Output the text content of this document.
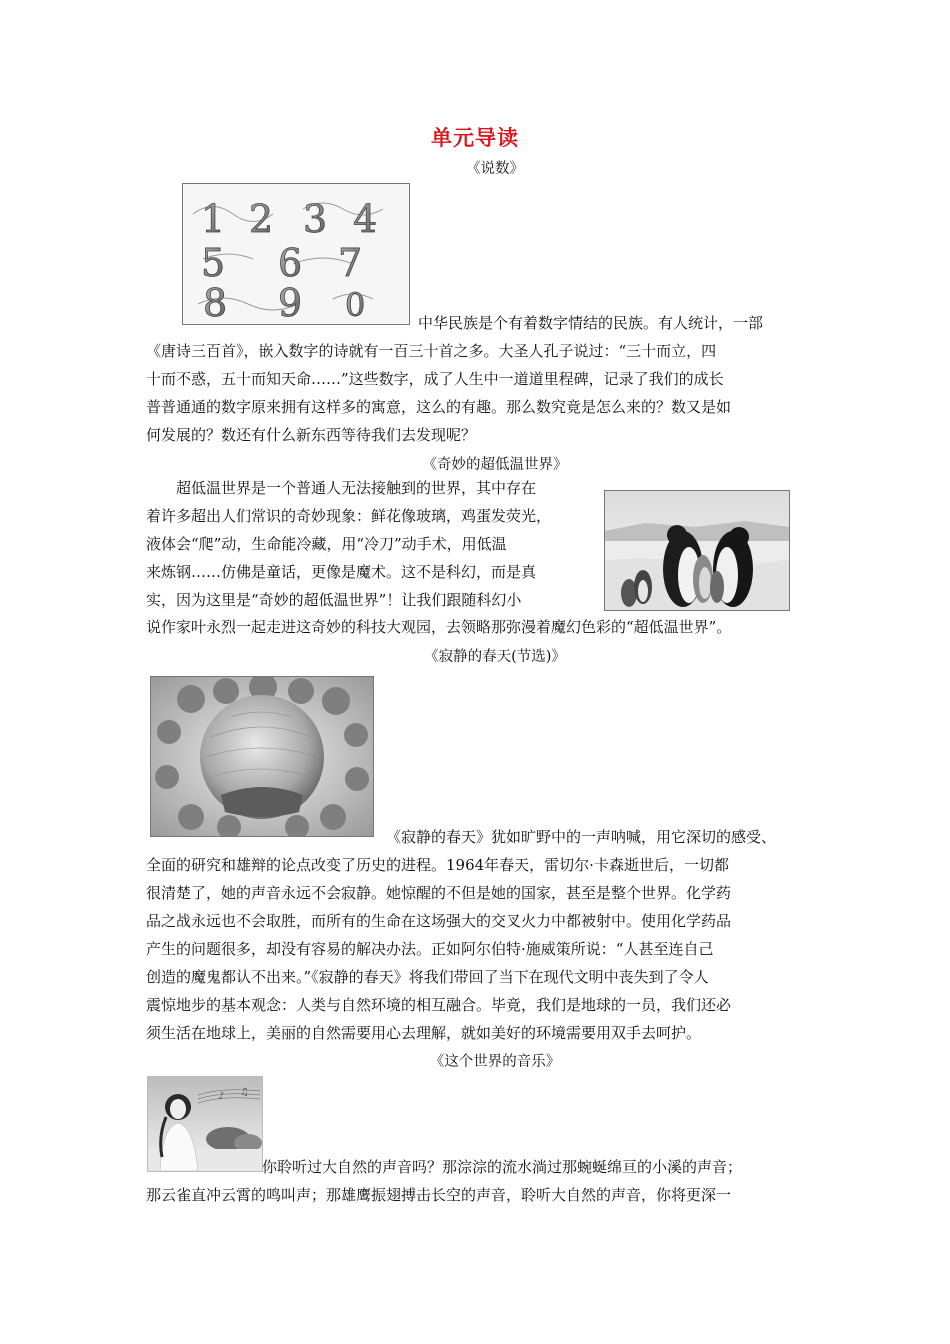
单元导读
《说数》
1 2 3 4
5 6 7
8 9 0	中华民族是个有着数字情结的民族。有人统计，一部
《唐诗三百首》，嵌入数字的诗就有一百三十首之多。大圣人孔子说过：“三十而立，四
十而不惑，五十而知天命……”这些数字，成了人生中一道道里程碑，记录了我们的成长
普普通通的数字原来拥有这样多的寓意，这么的有趣。那么数究竟是怎么来的？数又是如
何发展的？数还有什么新东西等待我们去发现呢？
《奇妙的超低温世界》
超低温世界是一个普通人无法接触到的世界，其中存在
着许多超出人们常识的奇妙现象：鲜花像玻璃，鸡蛋发荧光，
液体会“爬”动，生命能冷藏，用“冷刀”动手术，用低温
来炼钢……仿佛是童话，更像是魔术。这不是科幻，而是真
实，因为这里是“奇妙的超低温世界”！让我们跟随科幻小
说作家叶永烈一起走进这奇妙的科技大观园，去领略那弥漫着魔幻色彩的“超低温世界”。
《寂静的春天(节选)》
《寂静的春天》犹如旷野中的一声呐喊，用它深切的感受、
全面的研究和雄辩的论点改变了历史的进程。1964年春天，雷切尔·卡森逝世后，一切都
很清楚了，她的声音永远不会寂静。她惊醒的不但是她的国家，甚至是整个世界。化学药
品之战永远也不会取胜，而所有的生命在这场强大的交叉火力中都被射中。使用化学药品
产生的问题很多，却没有容易的解决办法。正如阿尔伯特·施威策所说：“人甚至连自己
创造的魔鬼都认不出来。”《寂静的春天》将我们带回了当下在现代文明中丧失到了令人
震惊地步的基本观念：人类与自然环境的相互融合。毕竟，我们是地球的一员，我们还必
须生活在地球上，美丽的自然需要用心去理解，就如美好的环境需要用双手去呵护。
《这个世界的音乐》
♪ ♫
你聆听过大自然的声音吗？那淙淙的流水淌过那蜿蜒绵亘的小溪的声音；
那云雀直冲云霄的鸣叫声；那雄鹰振翅搏击长空的声音，聆听大自然的声音，你将更深一
